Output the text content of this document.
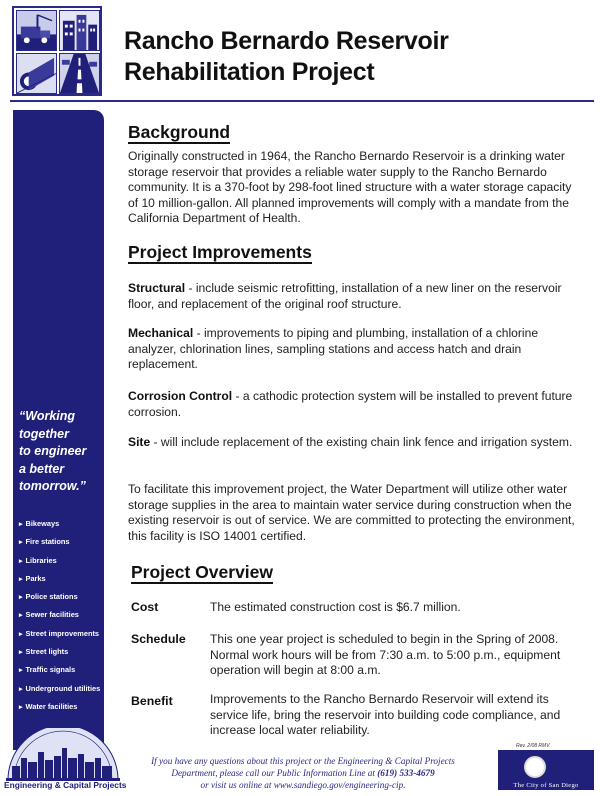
Rancho Bernardo Reservoir
Rehabilitation Project
“Working
together
to engineer
a better
tomorrow.”
▸ Bikeways
▸ Fire stations
▸ Libraries
▸ Parks
▸ Police stations
▸ Sewer facilities
▸ Street improvements
▸ Street lights
▸ Traffic signals
▸ Underground utilities
▸ Water facilities
Engineering & Capital Projects
Background
Originally constructed in 1964, the Rancho Bernardo Reservoir is a drinking water storage reservoir that provides a reliable water supply to the Rancho Bernardo community. It is a 370-foot by 298-foot lined structure with a water storage capacity of 10 million-gallon. All planned improvements will comply with a mandate from the California Department of Health.
Project Improvements
Structural - include seismic retrofitting, installation of a new liner on the reservoir floor, and replacement of the original roof structure.
Mechanical - improvements to piping and plumbing, installation of a chlorine analyzer, chlorination lines, sampling stations and access hatch and drain replacement.
Corrosion Control - a cathodic protection system will be installed to prevent future corrosion.
Site - will include replacement of the existing chain link fence and irrigation system.
To facilitate this improvement project, the Water Department will utilize other water storage supplies in the area to maintain water service during construction when the existing reservoir is out of service. We are committed to protecting the environment, this facility is ISO 14001 certified.
Project Overview
Cost	The estimated construction cost is $6.7 million.
Schedule This one year project is scheduled to begin in the Spring of 2008. Normal work hours will be from 7:30 a.m. to 5:00 p.m., equipment operation will begin at 8:00 a.m.
Benefit	Improvements to the Rancho Bernardo Reservoir will extend its service life, bring the reservoir into building code compliance, and increase local water reliability.
If you have any questions about this project or the Engineering & Capital Projects
Department, please call our Public Information Line at (619) 533-4679
or visit us online at www.sandiego.gov/engineering-cip.
Rev. 2/08 RMV
The City of San Diego
